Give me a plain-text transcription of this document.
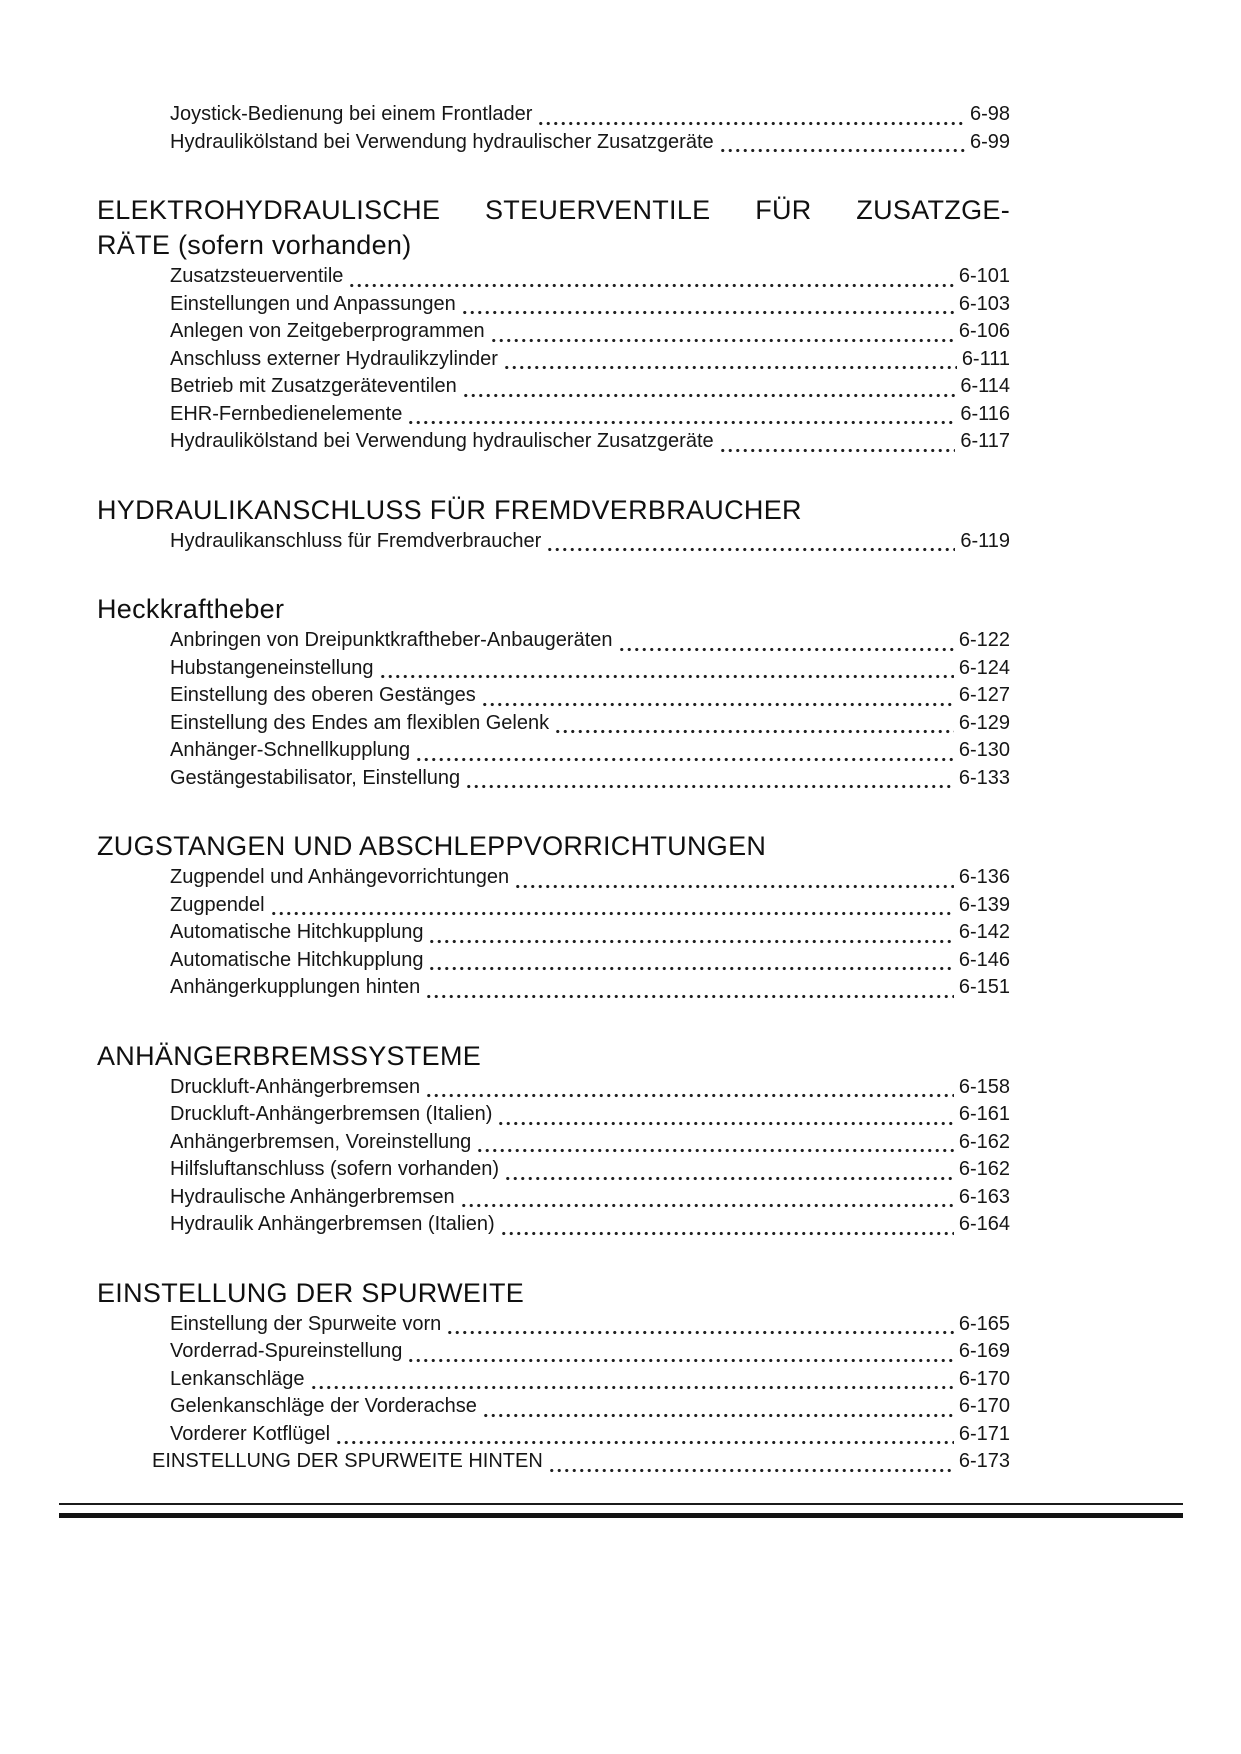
Joystick-Bedienung bei einem Frontlader	6-98
Hydraulikölstand bei Verwendung hydraulischer Zusatzgeräte	6-99
ELEKTROHYDRAULISCHE STEUERVENTILE FÜR ZUSATZGE-
RÄTE (sofern vorhanden)
Zusatzsteuerventile	6-101
Einstellungen und Anpassungen	6-103
Anlegen von Zeitgeberprogrammen	6-106
Anschluss externer Hydraulikzylinder	6-111
Betrieb mit Zusatzgeräteventilen	6-114
EHR-Fernbedienelemente	6-116
Hydraulikölstand bei Verwendung hydraulischer Zusatzgeräte	6-117
HYDRAULIKANSCHLUSS FÜR FREMDVERBRAUCHER
Hydraulikanschluss für Fremdverbraucher	6-119
Heckkraftheber
Anbringen von Dreipunktkraftheber-Anbaugeräten	6-122
Hubstangeneinstellung	6-124
Einstellung des oberen Gestänges	6-127
Einstellung des Endes am flexiblen Gelenk	6-129
Anhänger-Schnellkupplung	6-130
Gestängestabilisator, Einstellung	6-133
ZUGSTANGEN UND ABSCHLEPPVORRICHTUNGEN
Zugpendel und Anhängevorrichtungen	6-136
Zugpendel	6-139
Automatische Hitchkupplung	6-142
Automatische Hitchkupplung	6-146
Anhängerkupplungen hinten	6-151
ANHÄNGERBREMSSYSTEME
Druckluft-Anhängerbremsen	6-158
Druckluft-Anhängerbremsen (Italien)	6-161
Anhängerbremsen, Voreinstellung	6-162
Hilfsluftanschluss (sofern vorhanden)	6-162
Hydraulische Anhängerbremsen	6-163
Hydraulik Anhängerbremsen (Italien)	6-164
EINSTELLUNG DER SPURWEITE
Einstellung der Spurweite vorn	6-165
Vorderrad-Spureinstellung	6-169
Lenkanschläge	6-170
Gelenkanschläge der Vorderachse	6-170
Vorderer Kotflügel	6-171
EINSTELLUNG DER SPURWEITE HINTEN	6-173
